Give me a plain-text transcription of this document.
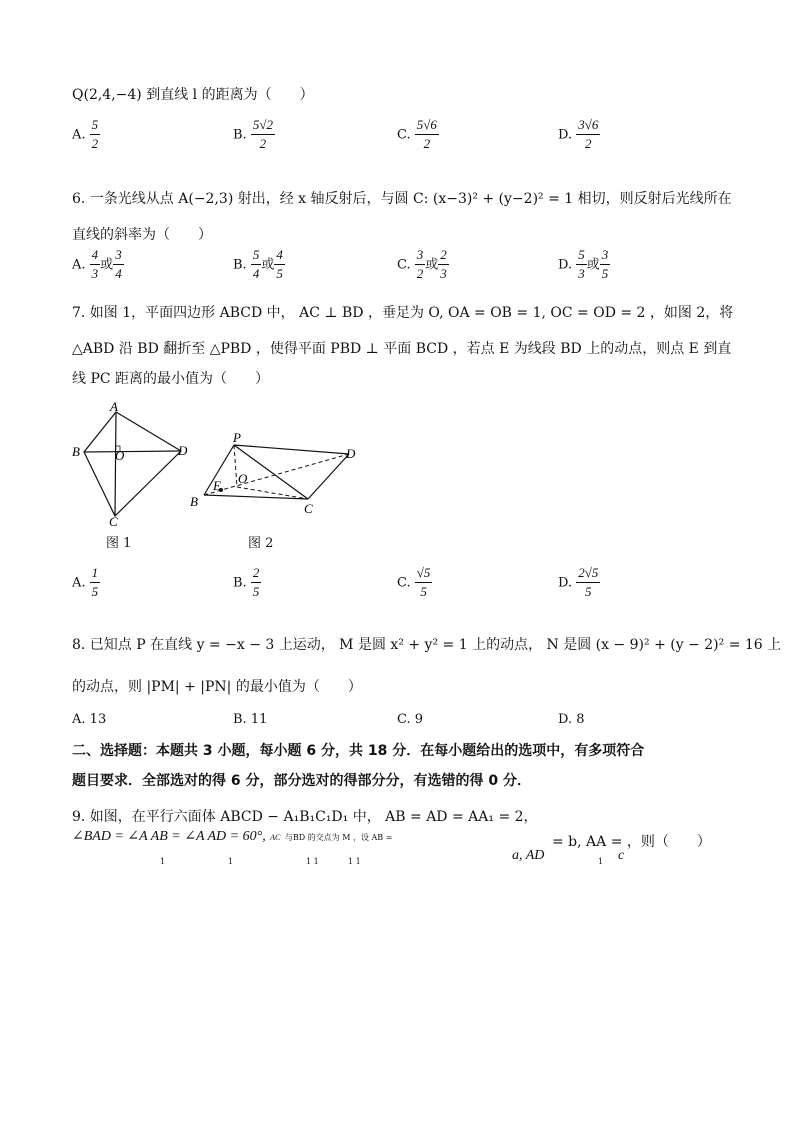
Q(2,4,−4) 到直线 l 的距离为（　　）
A. $\frac{5}{2}$	B. $\frac{5√2}{2}$	C. $\frac{5√6}{2}$	D. $\frac{3√6}{2}$
6. 一条光线从点 A(−2,3) 射出，经 x 轴反射后，与圆 C: (x−3)² + (y−2)² = 1 相切，则反射后光线所在
直线的斜率为（　　）
A. $\frac{4}{3}$ 或 $\frac{3}{4}$	B. $\frac{5}{4}$ 或 $\frac{4}{5}$	C. $\frac{3}{2}$ 或 $\frac{2}{3}$	D. $\frac{5}{3}$ 或 $\frac{3}{5}$
7. 如图 1，平面四边形 ABCD 中， AC ⊥ BD ，垂足为 O, OA = OB = 1, OC = OD = 2 ，如图 2，将
△ABD 沿 BD 翻折至 △PBD ，使得平面 PBD ⊥ 平面 BCD ，若点 E 为线段 BD 上的动点，则点 E 到直
线 PC 距离的最小值为（　　）
A
B	D
O
C
图 1
P
B	C
D
O
E
图 2
A. $\frac{1}{5}$	B. $\frac{2}{5}$	C. $\frac{√5}{5}$	D. $\frac{2√5}{5}$
8. 已知点 P 在直线 y = −x − 3 上运动， M 是圆 x² + y² = 1 上的动点， N 是圆 (x − 9)² + (y − 2)² = 16 上
的动点，则 |PM| + |PN| 的最小值为（　　）
A. 13	B. 11	C. 9	D. 8
二、选择题：本题共 3 小题，每小题 6 分，共 18 分．在每小题给出的选项中，有多项符合
题目要求．全部选对的得 6 分，部分选对的得部分分，有选错的得 0 分．
9. 如图，在平行六面体 ABCD − A₁B₁C₁D₁ 中， AB = AD = AA₁ = 2，
∠BAD = ∠A AB = ∠A AD = 60°, AC 与BD 的交点为 M ，设 AB =	= b, AA = ，则（　　）
a, AD
1	1	1 1	1 1	1 c
